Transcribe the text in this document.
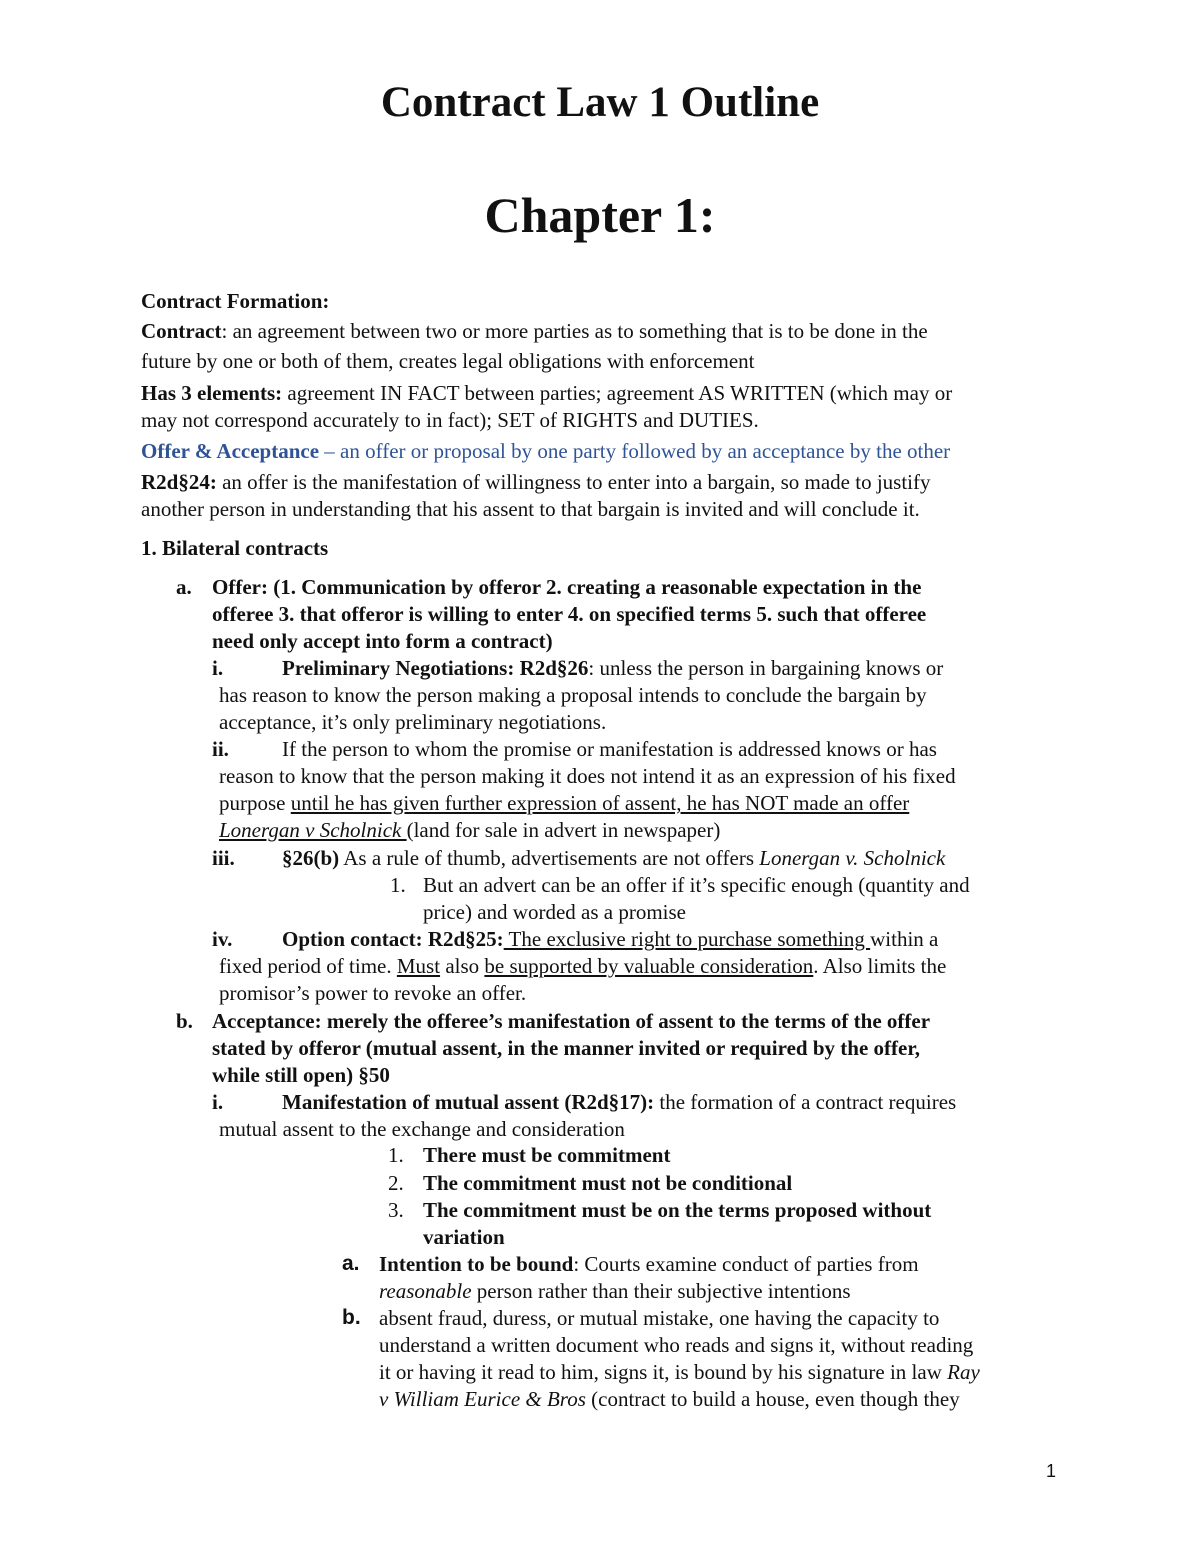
Contract Law 1 Outline
Chapter 1:
Contract Formation:
Contract: an agreement between two or more parties as to something that is to be done in the
future by one or both of them, creates legal obligations with enforcement
Has 3 elements: agreement IN FACT between parties; agreement AS WRITTEN (which may or
may not correspond accurately to in fact); SET of RIGHTS and DUTIES.
Offer & Acceptance – an offer or proposal by one party followed by an acceptance by the other
R2d§24: an offer is the manifestation of willingness to enter into a bargain, so made to justify
another person in understanding that his assent to that bargain is invited and will conclude it.
1. Bilateral contracts
a. Offer: (1. Communication by offeror 2. creating a reasonable expectation in the
offeree 3. that offeror is willing to enter 4. on specified terms 5. such that offeree
need only accept into form a contract)
i.	Preliminary Negotiations: R2d§26: unless the person in bargaining knows or
has reason to know the person making a proposal intends to conclude the bargain by
acceptance, it’s only preliminary negotiations.
ii.	If the person to whom the promise or manifestation is addressed knows or has
reason to know that the person making it does not intend it as an expression of his fixed
purpose until he has given further expression of assent, he has NOT made an offer
Lonergan v Scholnick (land for sale in advert in newspaper)
iii. §26(b) As a rule of thumb, advertisements are not offers Lonergan v. Scholnick
1. But an advert can be an offer if it’s specific enough (quantity and
price) and worded as a promise
iv. Option contact: R2d§25: The exclusive right to purchase something within a
fixed period of time. Must also be supported by valuable consideration. Also limits the
promisor’s power to revoke an offer.
b. Acceptance: merely the offeree’s manifestation of assent to the terms of the offer
stated by offeror (mutual assent, in the manner invited or required by the offer,
while still open) §50
i.	Manifestation of mutual assent (R2d§17): the formation of a contract requires
mutual assent to the exchange and consideration
1. There must be commitment
2. The commitment must not be conditional
3. The commitment must be on the terms proposed without
variation
a. Intention to be bound: Courts examine conduct of parties from
reasonable person rather than their subjective intentions
b. absent fraud, duress, or mutual mistake, one having the capacity to
understand a written document who reads and signs it, without reading
it or having it read to him, signs it, is bound by his signature in law Ray
v William Eurice & Bros (contract to build a house, even though they
1
